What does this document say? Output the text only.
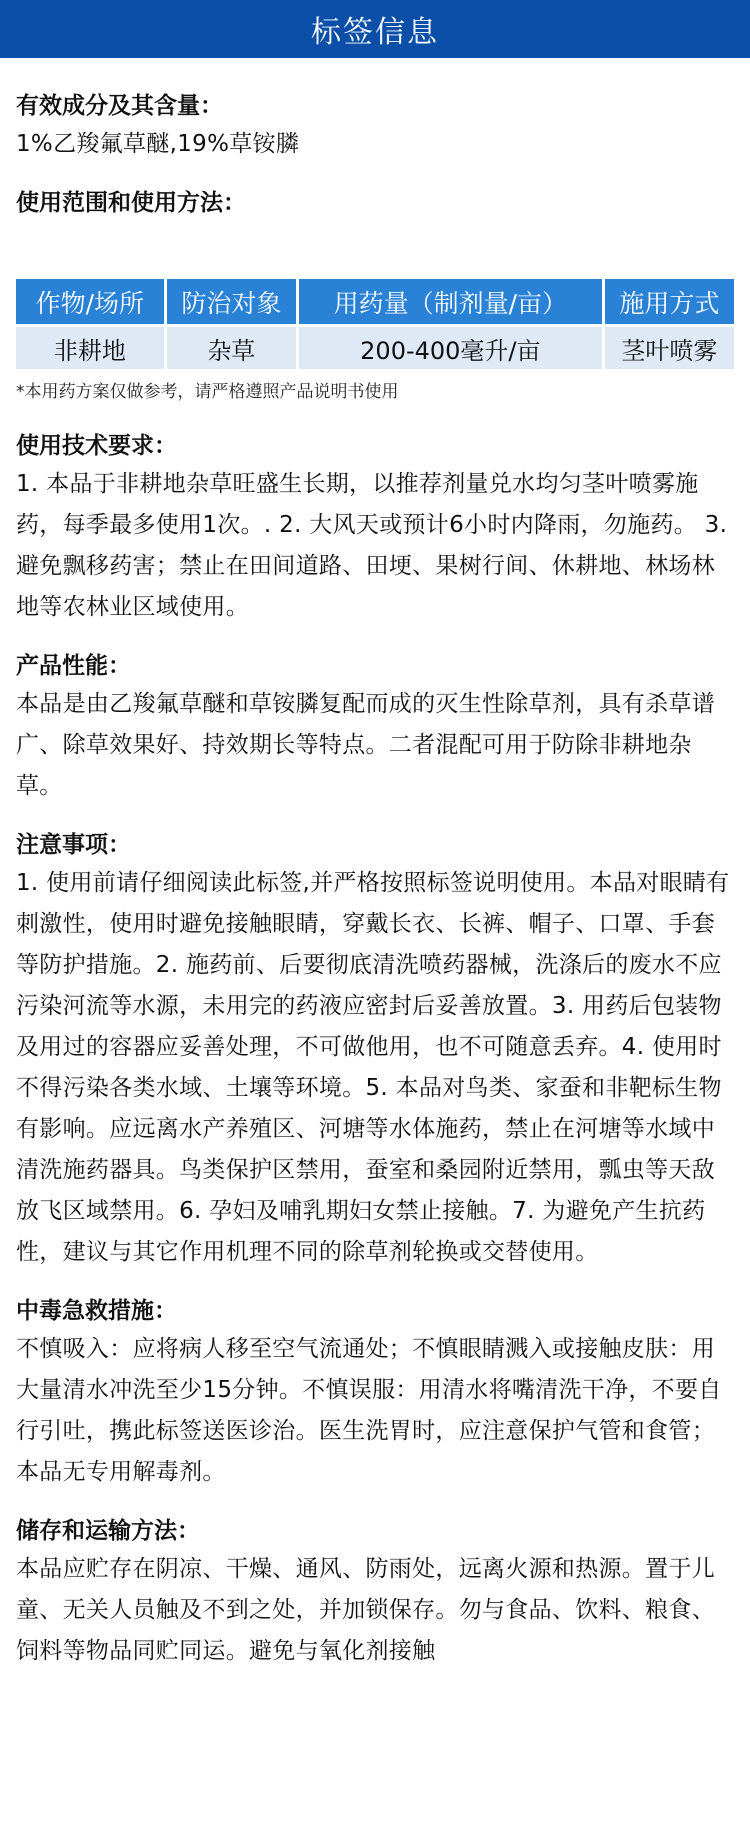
标签信息
有效成分及其含量：
1%乙羧氟草醚,19%草铵膦
使用范围和使用方法：
作物/场所	防治对象	用药量（制剂量/亩）	施用方式
非耕地	杂草	200-400毫升/亩	茎叶喷雾
*本用药方案仅做参考，请严格遵照产品说明书使用
使用技术要求：
1. 本品于非耕地杂草旺盛生长期，以推荐剂量兑水均匀茎叶喷雾施药，每季最多使用1次。. 2. 大风天或预计6小时内降雨，勿施药。 3. 避免飘移药害；禁止在田间道路、田埂、果树行间、休耕地、林场林地等农林业区域使用。
产品性能：
本品是由乙羧氟草醚和草铵膦复配而成的灭生性除草剂，具有杀草谱广、除草效果好、持效期长等特点。二者混配可用于防除非耕地杂草。
注意事项：
1. 使用前请仔细阅读此标签,并严格按照标签说明使用。本品对眼睛有刺激性，使用时避免接触眼睛，穿戴长衣、长裤、帽子、口罩、手套等防护措施。2. 施药前、后要彻底清洗喷药器械，洗涤后的废水不应污染河流等水源，未用完的药液应密封后妥善放置。3. 用药后包装物及用过的容器应妥善处理，不可做他用，也不可随意丢弃。4. 使用时不得污染各类水域、土壤等环境。5. 本品对鸟类、家蚕和非靶标生物有影响。应远离水产养殖区、河塘等水体施药，禁止在河塘等水域中清洗施药器具。鸟类保护区禁用，蚕室和桑园附近禁用，瓢虫等天敌放飞区域禁用。6. 孕妇及哺乳期妇女禁止接触。7. 为避免产生抗药性，建议与其它作用机理不同的除草剂轮换或交替使用。
中毒急救措施：
不慎吸入：应将病人移至空气流通处；不慎眼睛溅入或接触皮肤：用大量清水冲洗至少15分钟。不慎误服：用清水将嘴清洗干净，不要自行引吐，携此标签送医诊治。医生洗胃时，应注意保护气管和食管；本品无专用解毒剂。
储存和运输方法：
本品应贮存在阴凉、干燥、通风、防雨处，远离火源和热源。置于儿童、无关人员触及不到之处，并加锁保存。勿与食品、饮料、粮食、饲料等物品同贮同运。避免与氧化剂接触
